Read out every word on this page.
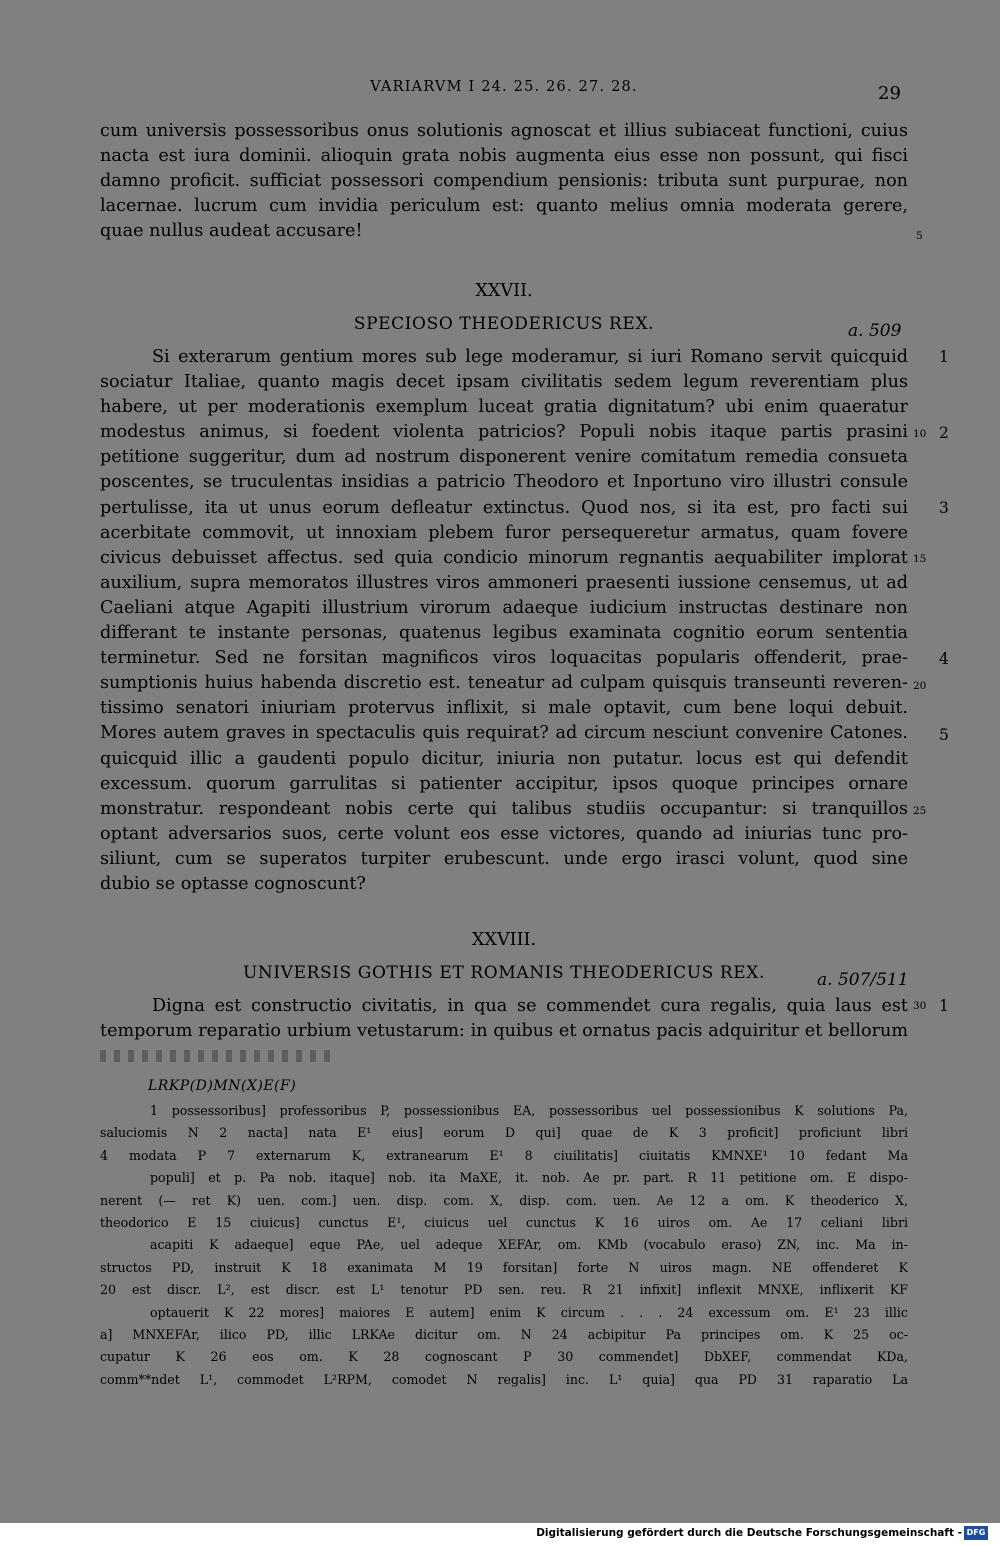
VARIARVM I 24. 25. 26. 27. 28.	29
cum universis possessoribus onus solutionis agnoscat et illius subiaceat functioni, cuius
nacta est iura dominii. alioquin grata nobis augmenta eius esse non possunt, qui fisci
damno proficit. sufficiat possessori compendium pensionis: tributa sunt purpurae, non
lacernae. lucrum cum invidia periculum est: quanto melius omnia moderata gerere,
quae nullus audeat accusare!	5
XXVII.
SPECIOSO THEODERICUS REX.	a. 509
Si exterarum gentium mores sub lege moderamur, si iuri Romano servit quicquid
sociatur Italiae, quanto magis decet ipsam civilitatis sedem legum reverentiam plus
habere, ut per moderationis exemplum luceat gratia dignitatum? ubi enim quaeratur
modestus animus, si foedent violenta patricios? Populi nobis itaque partis prasini
petitione suggeritur, dum ad nostrum disponerent venire comitatum remedia consueta
poscentes, se truculentas insidias a patricio Theodoro et Inportuno viro illustri consule
pertulisse, ita ut unus eorum defleatur extinctus. Quod nos, si ita est, pro facti sui
acerbitate commovit, ut innoxiam plebem furor persequeretur armatus, quam fovere
civicus debuisset affectus. sed quia condicio minorum regnantis aequabiliter implorat
auxilium, supra memoratos illustres viros ammoneri praesenti iussione censemus, ut ad
Caeliani atque Agapiti illustrium virorum adaeque iudicium instructas destinare non
differant te instante personas, quatenus legibus examinata cognitio eorum sententia
terminetur. Sed ne forsitan magnificos viros loquacitas popularis offenderit, prae-
sumptionis huius habenda discretio est. teneatur ad culpam quisquis transeunti reveren-
tissimo senatori iniuriam protervus inflixit, si male optavit, cum bene loqui debuit.
Mores autem graves in spectaculis quis requirat? ad circum nesciunt convenire Catones.
quicquid illic a gaudenti populo dicitur, iniuria non putatur. locus est qui defendit
excessum. quorum garrulitas si patienter accipitur, ipsos quoque principes ornare
monstratur. respondeant nobis certe qui talibus studiis occupantur: si tranquillos
optant adversarios suos, certe volunt eos esse victores, quando ad iniurias tunc pro-
siliunt, cum se superatos turpiter erubescunt. unde ergo irasci volunt, quod sine
dubio se optasse cognoscunt?
10
15
20
25
1
2
3
4
5
XXVIII.
UNIVERSIS GOTHIS ET ROMANIS THEODERICUS REX.	a. 507/511
Digna est constructio civitatis, in qua se commendet cura regalis, quia laus est
temporum reparatio urbium vetustarum: in quibus et ornatus pacis adquiritur et bellorum
30 1
LRKP(D)MN(X)E(F)
1 possessoribus] professoribus P, possessionibus EA, possessoribus uel possessionibus K solutions Pa,
saluciomis N 2 nacta] nata E¹ eius] eorum D qui] quae de K 3 proficit] proficiunt libri
4 modata P 7 externarum K, extranearum E¹ 8 ciuilitatis] ciuitatis KMNXE¹ 10 fedant Ma
populi] et p. Pa nob. itaque] nob. ita MaXE, it. nob. Ae pr. part. R 11 petitione om. E dispo-
nerent (— ret K) uen. com.] uen. disp. com. X, disp. com. uen. Ae 12 a om. K theoderico X,
theodorico E 15 ciuicus] cunctus E¹, ciuicus uel cunctus K 16 uiros om. Ae 17 celiani libri
acapiti K adaeque] eque PAe, uel adeque XEFAr, om. KMb (vocabulo eraso) ZN, inc. Ma in-
structos PD, instruit K 18 exanimata M 19 forsitan] forte N uiros magn. NE offenderet K
20 est discr. L², est discr. est L¹ tenotur PD sen. reu. R 21 infixit] inflexit MNXE, inflixerit KF
optauerit K 22 mores] maiores E autem] enim K circum . . . 24 excessum om. E¹ 23 illic
a] MNXEFAr, ilico PD, illic LRKAe dicitur om. N 24 acbipitur Pa principes om. K 25 oc-
cupatur K 26 eos om. K 28 cognoscant P 30 commendet] DbXEF, commendat KDa,
comm**ndet L¹, commodet L²RPM, comodet N regalis] inc. L¹ quia] qua PD 31 raparatio La
Digitalisierung gefördert durch die Deutsche Forschungsgemeinschaft - DFG
